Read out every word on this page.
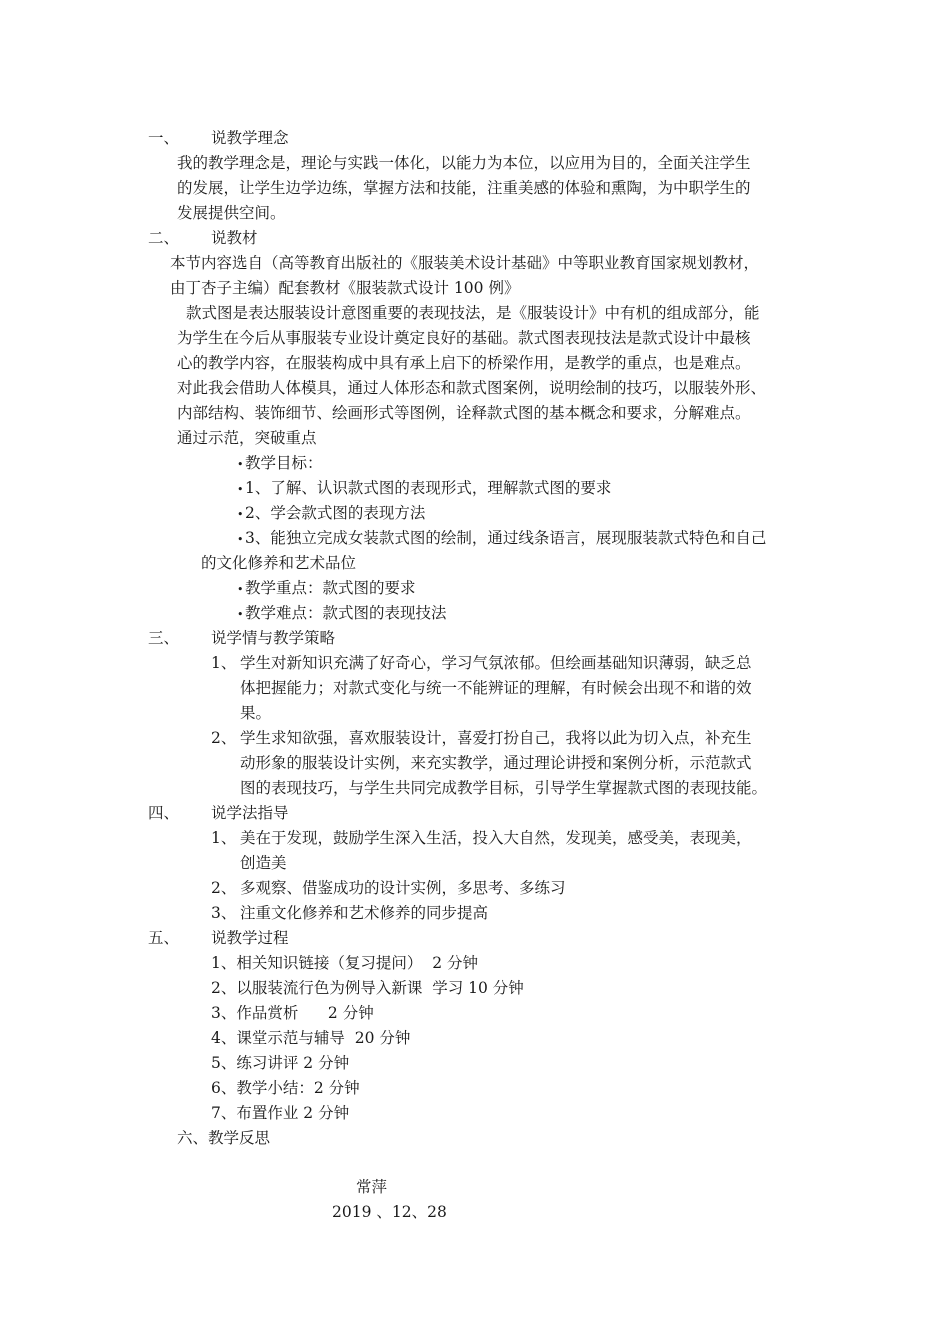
一、 说教学理念
我的教学理念是，理论与实践一体化，以能力为本位，以应用为目的，全面关注学生
的发展，让学生边学边练，掌握方法和技能，注重美感的体验和熏陶，为中职学生的
发展提供空间。
二、 说教材
本节内容选自（高等教育出版社的《服装美术设计基础》中等职业教育国家规划教材，
由丁杏子主编）配套教材《服装款式设计 100 例》
款式图是表达服装设计意图重要的表现技法，是《服装设计》中有机的组成部分，能
为学生在今后从事服装专业设计奠定良好的基础。款式图表现技法是款式设计中最核
心的教学内容，在服装构成中具有承上启下的桥梁作用，是教学的重点，也是难点。
对此我会借助人体模具，通过人体形态和款式图案例，说明绘制的技巧，以服装外形、
内部结构、装饰细节、绘画形式等图例，诠释款式图的基本概念和要求，分解难点。
通过示范，突破重点
• 教学目标：
• 1、了解、认识款式图的表现形式，理解款式图的要求
• 2、学会款式图的表现方法
• 3、能独立完成女装款式图的绘制，通过线条语言，展现服装款式特色和自己
的文化修养和艺术品位
• 教学重点：款式图的要求
• 教学难点：款式图的表现技法
三、 说学情与教学策略
1、 学生对新知识充满了好奇心，学习气氛浓郁。但绘画基础知识薄弱，缺乏总
体把握能力；对款式变化与统一不能辨证的理解，有时候会出现不和谐的效
果。
2、 学生求知欲强，喜欢服装设计，喜爱打扮自己，我将以此为切入点，补充生
动形象的服装设计实例，来充实教学，通过理论讲授和案例分析，示范款式
图的表现技巧，与学生共同完成教学目标，引导学生掌握款式图的表现技能。
四、 说学法指导
1、 美在于发现，鼓励学生深入生活，投入大自然，发现美，感受美，表现美，
创造美
2、 多观察、借鉴成功的设计实例，多思考、多练习
3、 注重文化修养和艺术修养的同步提高
五、 说教学过程
1、相关知识链接（复习提问）  2 分钟
2、以服装流行色为例导入新课  学习 10 分钟
3、作品赏析      2 分钟
4、课堂示范与辅导  20 分钟
5、练习讲评 2 分钟
6、教学小结：2 分钟
7、布置作业 2 分钟
六、教学反思
常萍
2019 、12、28
